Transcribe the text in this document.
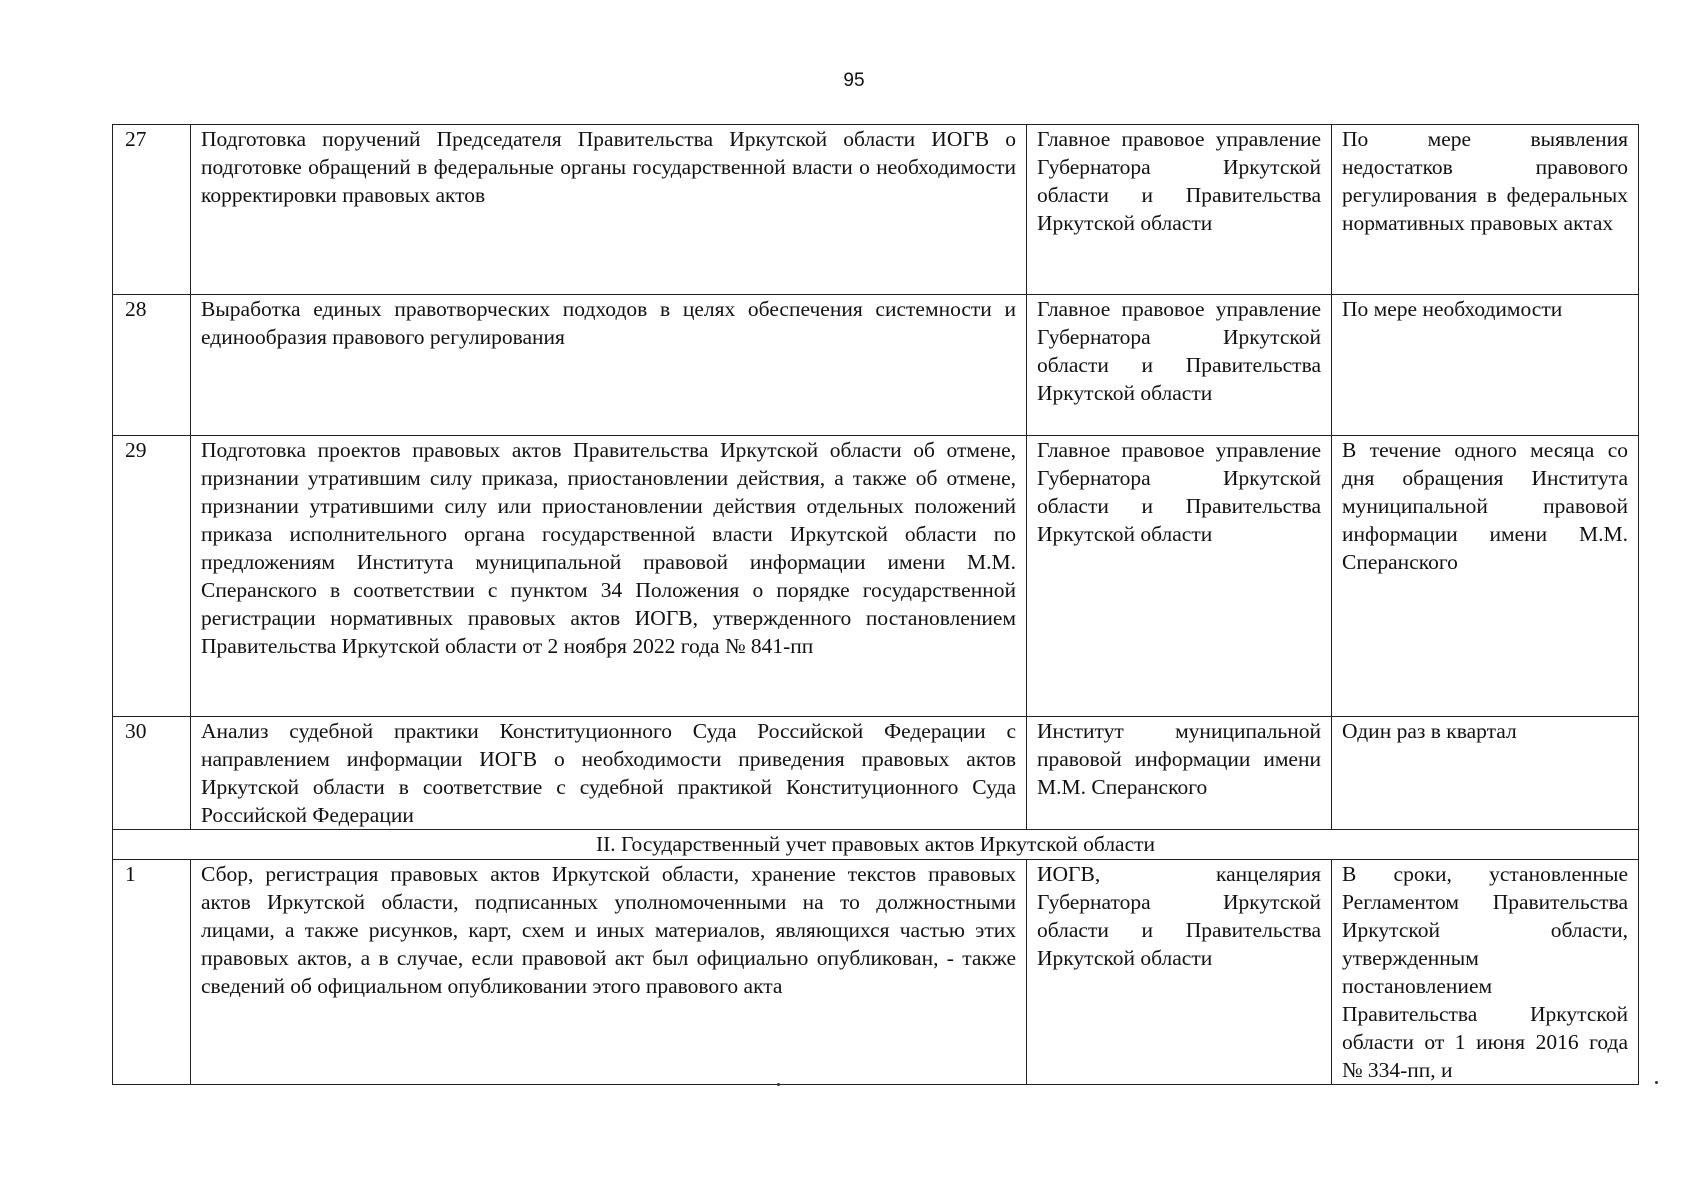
95
27	Подготовка поручений Председателя Правительства Иркутской области ИОГВ о подготовке обращений в федеральные органы государственной власти о необходимости корректировки правовых актов	Главное правовое управление Губернатора Иркутской области и Правительства Иркутской области	По мере выявления недостатков правового регулирования в федеральных нормативных правовых актах
28	Выработка единых правотворческих подходов в целях обеспечения системности и единообразия правового регулирования	Главное правовое управление Губернатора Иркутской области и Правительства Иркутской области	По мере необходимости
29	Подготовка проектов правовых актов Правительства Иркутской области об отмене, признании утратившим силу приказа, приостановлении действия, а также об отмене, признании утратившими силу или приостановлении действия отдельных положений приказа исполнительного органа государственной власти Иркутской области по предложениям Института муниципальной правовой информации имени М.М. Сперанского в соответствии с пунктом 34 Положения о порядке государственной регистрации нормативных правовых актов ИОГВ, утвержденного постановлением Правительства Иркутской области от 2 ноября 2022 года № 841-пп	Главное правовое управление Губернатора Иркутской области и Правительства Иркутской области	В течение одного месяца со дня обращения Института муниципальной правовой информации имени М.М. Сперанского
30	Анализ судебной практики Конституционного Суда Российской Федерации с направлением информации ИОГВ о необходимости приведения правовых актов Иркутской области в соответствие с судебной практикой Конституционного Суда Российской Федерации	Институт муниципальной правовой информации имени М.М. Сперанского	Один раз в квартал
II. Государственный учет правовых актов Иркутской области			
1	Сбор, регистрация правовых актов Иркутской области, хранение текстов правовых актов Иркутской области, подписанных уполномоченными на то должностными лицами, а также рисунков, карт, схем и иных материалов, являющихся частью этих правовых актов, а в случае, если правовой акт был официально опубликован, - также сведений об официальном опубликовании этого правового акта	ИОГВ, канцелярия Губернатора Иркутской области и Правительства Иркутской области	В сроки, установленные Регламентом Правительства Иркутской области, утвержденным постановлением Правительства Иркутской области от 1 июня 2016 года № 334-пп, и
